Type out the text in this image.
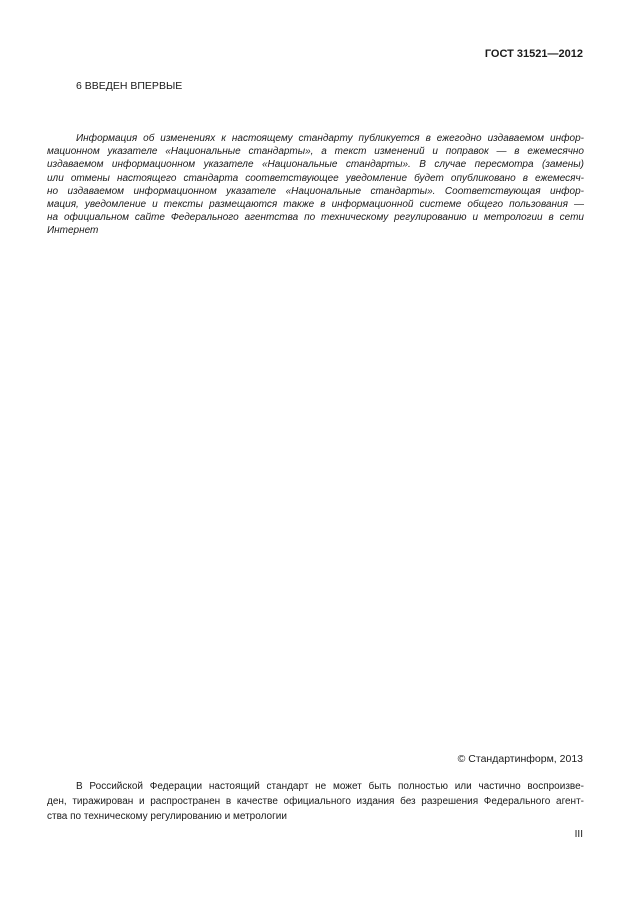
ГОСТ 31521—2012
6 ВВЕДЕН ВПЕРВЫЕ
Информация об изменениях к настоящему стандарту публикуется в ежегодно издаваемом инфор-
мационном указателе «Национальные стандарты», а текст изменений и поправок — в ежемесячно
издаваемом информационном указателе «Национальные стандарты». В случае пересмотра (замены)
или отмены настоящего стандарта соответствующее уведомление будет опубликовано в ежемесяч-
но издаваемом информационном указателе «Национальные стандарты». Соответствующая инфор-
мация, уведомление и тексты размещаются также в информационной системе общего пользования —
на официальном сайте Федерального агентства по техническому регулированию и метрологии в сети
Интернет
© Стандартинформ, 2013
В Российской Федерации настоящий стандарт не может быть полностью или частично воспроизве-
ден, тиражирован и распространен в качестве официального издания без разрешения Федерального агент-
ства по техническому регулированию и метрологии
III
